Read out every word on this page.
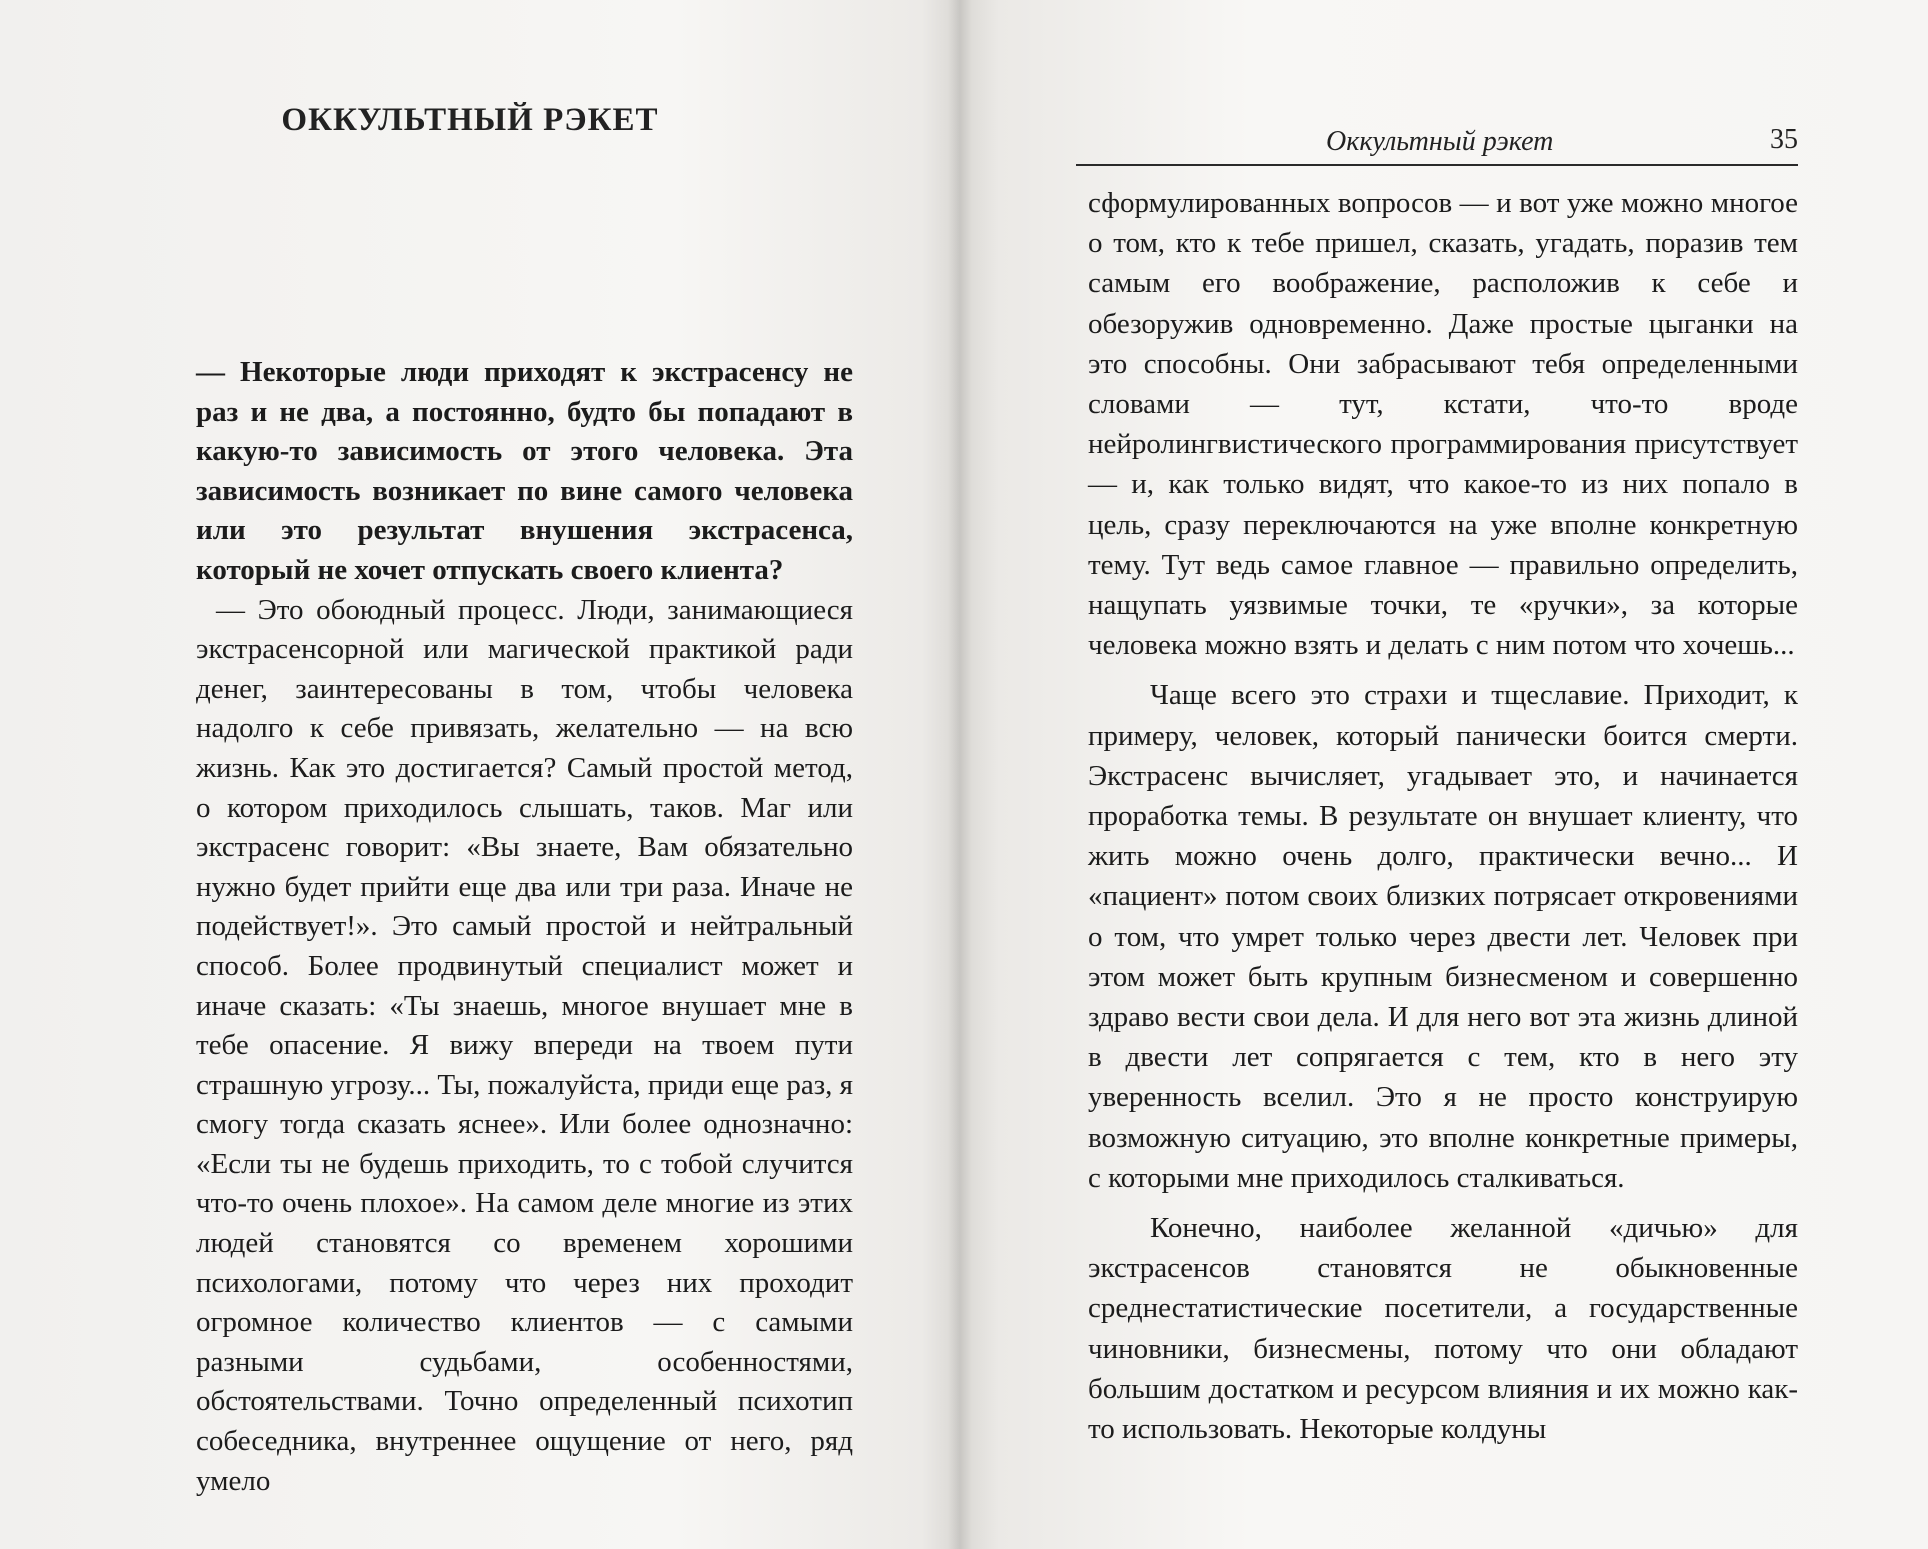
ОККУЛЬТНЫЙ РЭКЕТ

— Некоторые люди приходят к экстрасенсу не раз и не два, а постоянно, будто бы попадают в какую-то зависимость от этого человека. Эта зависимость возникает по вине самого человека или это результат внушения экстрасенса, который не хочет отпускать своего клиента?

— Это обоюдный процесс. Люди, занимающиеся экстрасенсорной или магической практикой ради денег, заинтересованы в том, чтобы человека надолго к себе привязать, желательно — на всю жизнь. Как это достигается? Самый простой метод, о котором приходилось слышать, таков. Маг или экстрасенс говорит: «Вы знаете, Вам обязательно нужно будет прийти еще два или три раза. Иначе не подействует!». Это самый простой и нейтральный способ. Более продвинутый специалист может и иначе сказать: «Ты знаешь, многое внушает мне в тебе опасение. Я вижу впереди на твоем пути страшную угрозу... Ты, пожалуйста, приди еще раз, я смогу тогда сказать яснее». Или более однозначно: «Если ты не будешь приходить, то с тобой случится что-то очень плохое». На самом деле многие из этих людей становятся со временем хорошими психологами, потому что через них проходит огромное количество клиентов — с самыми разными судьбами, особенностями, обстоятельствами. Точно определенный психотип собеседника, внутреннее ощущение от него, ряд умело

Оккультный рэкет	35

сформулированных вопросов — и вот уже можно многое о том, кто к тебе пришел, сказать, угадать, поразив тем самым его воображение, расположив к себе и обезоружив одновременно. Даже простые цыганки на это способны. Они забрасывают тебя определенными словами — тут, кстати, что-то вроде нейролингвистического программирования присутствует — и, как только видят, что какое-то из них попало в цель, сразу переключаются на уже вполне конкретную тему. Тут ведь самое главное — правильно определить, нащупать уязвимые точки, те «ручки», за которые человека можно взять и делать с ним потом что хочешь...

Чаще всего это страхи и тщеславие. Приходит, к примеру, человек, который панически боится смерти. Экстрасенс вычисляет, угадывает это, и начинается проработка темы. В результате он внушает клиенту, что жить можно очень долго, практически вечно... И «пациент» потом своих близких потрясает откровениями о том, что умрет только через двести лет. Человек при этом может быть крупным бизнесменом и совершенно здраво вести свои дела. И для него вот эта жизнь длиной в двести лет сопрягается с тем, кто в него эту уверенность вселил. Это я не просто конструирую возможную ситуацию, это вполне конкретные примеры, с которыми мне приходилось сталкиваться.

Конечно, наиболее желанной «дичью» для экстрасенсов становятся не обыкновенные среднестатистические посетители, а государственные чиновники, бизнесмены, потому что они обладают большим достатком и ресурсом влияния и их можно как-то использовать. Некоторые колдуны
